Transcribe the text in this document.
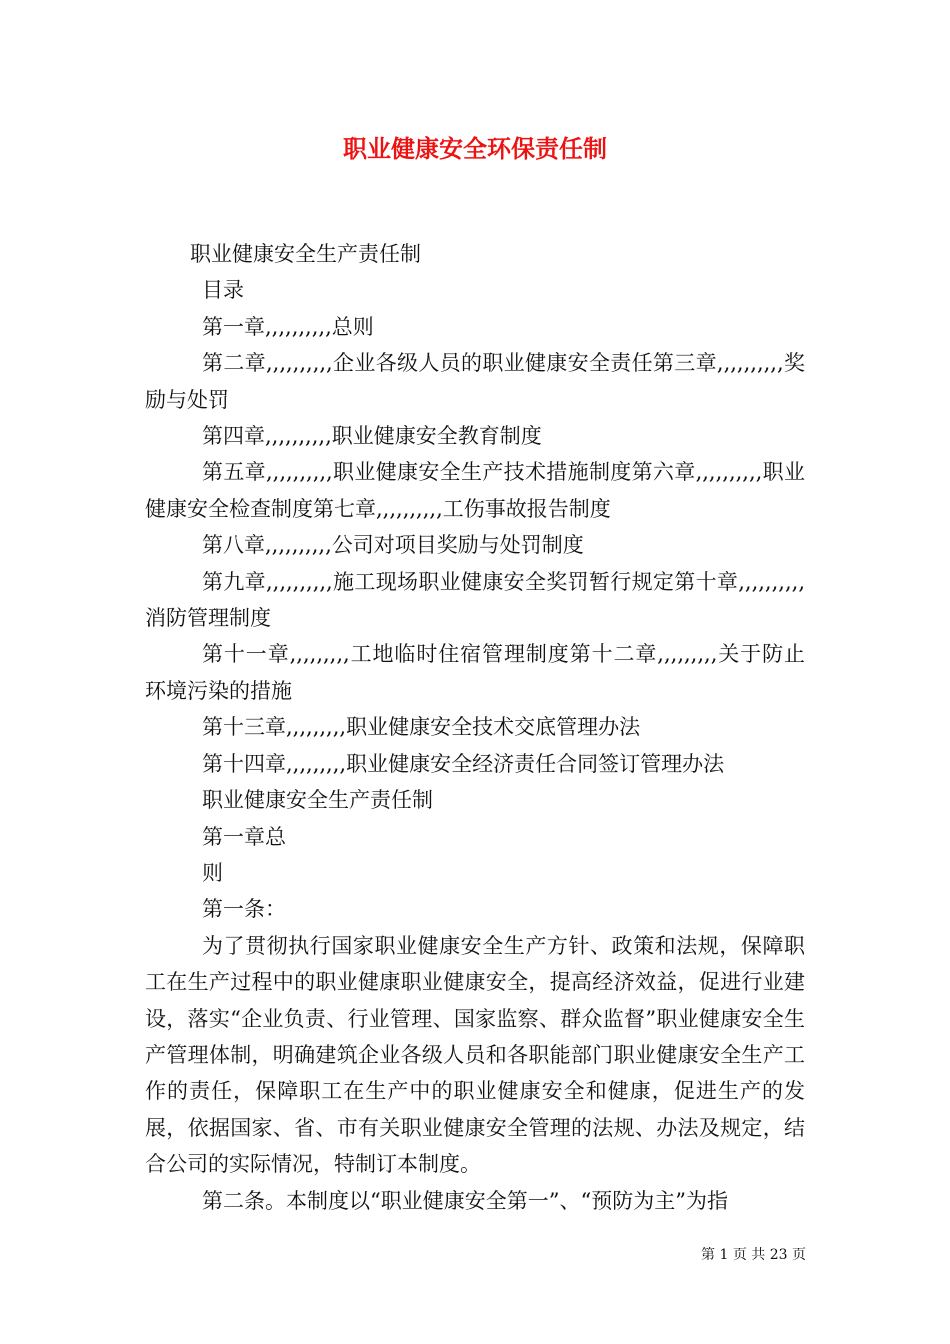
职业健康安全环保责任制

职业健康安全生产责任制

目录

第一章,,,,,,,,,,总则

第二章,,,,,,,,,,企业各级人员的职业健康安全责任第三章,,,,,,,,,,奖励与处罚

第四章,,,,,,,,,,职业健康安全教育制度

第五章,,,,,,,,,,职业健康安全生产技术措施制度第六章,,,,,,,,,,职业健康安全检查制度第七章,,,,,,,,,,工伤事故报告制度

第八章,,,,,,,,,,公司对项目奖励与处罚制度

第九章,,,,,,,,,,施工现场职业健康安全奖罚暂行规定第十章,,,,,,,,,,消防管理制度

第十一章,,,,,,,,,工地临时住宿管理制度第十二章,,,,,,,,,关于防止环境污染的措施

第十三章,,,,,,,,,职业健康安全技术交底管理办法

第十四章,,,,,,,,,职业健康安全经济责任合同签订管理办法

职业健康安全生产责任制

第一章总

则

第一条：

为了贯彻执行国家职业健康安全生产方针、政策和法规，保障职工在生产过程中的职业健康职业健康安全，提高经济效益，促进行业建设，落实“企业负责、行业管理、国家监察、群众监督”职业健康安全生产管理体制，明确建筑企业各级人员和各职能部门职业健康安全生产工作的责任，保障职工在生产中的职业健康安全和健康，促进生产的发展，依据国家、省、市有关职业健康安全管理的法规、办法及规定，结合公司的实际情况，特制订本制度。

第二条。本制度以“职业健康安全第一”、“预防为主”为指

第 1 页 共 23 页
